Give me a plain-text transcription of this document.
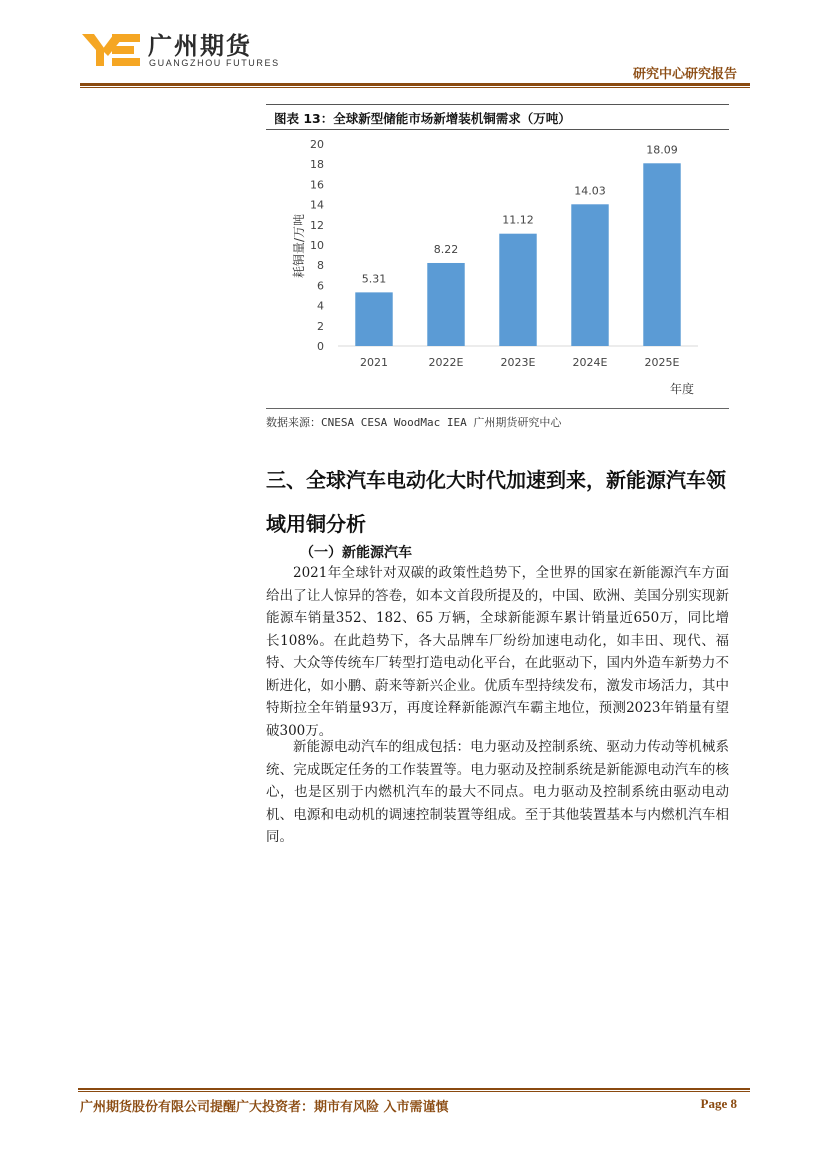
广州期货
GUANGZHOU FUTURES
研究中心研究报告
图表 13：全球新型储能市场新增装机铜需求（万吨）
耗铜量/万吨
年度
0
2
4
6
8
10
12
14
16
18
20
5.31
8.22
11.12
14.03
18.09
2021	2022E	2023E	2024E	2025E
数据来源：CNESA CESA WoodMac IEA 广州期货研究中心
三、全球汽车电动化大时代加速到来，新能源汽车领域用铜分析
（一）新能源汽车
2021年全球针对双碳的政策性趋势下，全世界的国家在新能源汽车方面给出了让人惊异的答卷，如本文首段所提及的，中国、欧洲、美国分别实现新能源车销量352、182、65 万辆，全球新能源车累计销量近650万，同比增长108%。在此趋势下，各大品牌车厂纷纷加速电动化，如丰田、现代、福特、大众等传统车厂转型打造电动化平台，在此驱动下，国内外造车新势力不断进化，如小鹏、蔚来等新兴企业。优质车型持续发布，激发市场活力，其中特斯拉全年销量93万，再度诠释新能源汽车霸主地位，预测2023年销量有望破300万。
新能源电动汽车的组成包括：电力驱动及控制系统、驱动力传动等机械系统、完成既定任务的工作装置等。电力驱动及控制系统是新能源电动汽车的核心，也是区别于内燃机汽车的最大不同点。电力驱动及控制系统由驱动电动机、电源和电动机的调速控制装置等组成。至于其他装置基本与内燃机汽车相同。
广州期货股份有限公司提醒广大投资者：期市有风险 入市需谨慎	Page 8
